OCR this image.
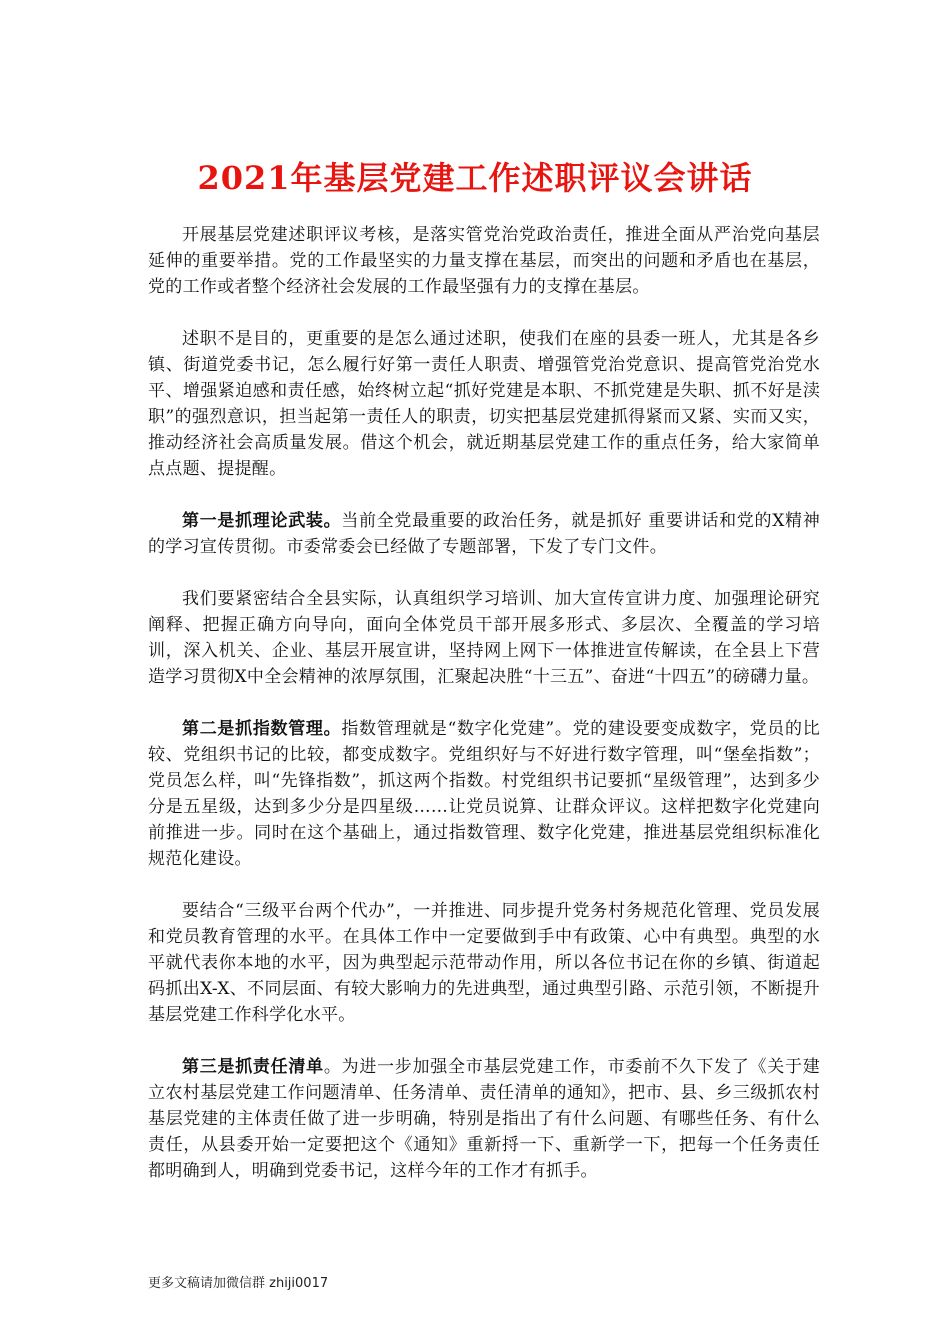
2021年基层党建工作述职评议会讲话

开展基层党建述职评议考核，是落实管党治党政治责任，推进全面从严治党向基层延伸的重要举措。党的工作最坚实的力量支撑在基层，而突出的问题和矛盾也在基层，党的工作或者整个经济社会发展的工作最坚强有力的支撑在基层。

述职不是目的，更重要的是怎么通过述职，使我们在座的县委一班人，尤其是各乡镇、街道党委书记，怎么履行好第一责任人职责、增强管党治党意识、提高管党治党水平、增强紧迫感和责任感，始终树立起“抓好党建是本职、不抓党建是失职、抓不好是渎职”的强烈意识，担当起第一责任人的职责，切实把基层党建抓得紧而又紧、实而又实，推动经济社会高质量发展。借这个机会，就近期基层党建工作的重点任务，给大家简单点点题、提提醒。

第一是抓理论武装。当前全党最重要的政治任务，就是抓好 重要讲话和党的X精神的学习宣传贯彻。市委常委会已经做了专题部署，下发了专门文件。

我们要紧密结合全县实际，认真组织学习培训、加大宣传宣讲力度、加强理论研究阐释、把握正确方向导向，面向全体党员干部开展多形式、多层次、全覆盖的学习培训，深入机关、企业、基层开展宣讲，坚持网上网下一体推进宣传解读，在全县上下营造学习贯彻X中全会精神的浓厚氛围，汇聚起决胜“十三五”、奋进“十四五”的磅礴力量。

第二是抓指数管理。指数管理就是“数字化党建”。党的建设要变成数字，党员的比较、党组织书记的比较，都变成数字。党组织好与不好进行数字管理，叫“堡垒指数”；党员怎么样，叫“先锋指数”，抓这两个指数。村党组织书记要抓“星级管理”，达到多少分是五星级，达到多少分是四星级……让党员说算、让群众评议。这样把数字化党建向前推进一步。同时在这个基础上，通过指数管理、数字化党建，推进基层党组织标准化规范化建设。

要结合“三级平台两个代办”，一并推进、同步提升党务村务规范化管理、党员发展和党员教育管理的水平。在具体工作中一定要做到手中有政策、心中有典型。典型的水平就代表你本地的水平，因为典型起示范带动作用，所以各位书记在你的乡镇、街道起码抓出X-X、不同层面、有较大影响力的先进典型，通过典型引路、示范引领，不断提升基层党建工作科学化水平。

第三是抓责任清单。为进一步加强全市基层党建工作，市委前不久下发了《关于建立农村基层党建工作问题清单、任务清单、责任清单的通知》，把市、县、乡三级抓农村基层党建的主体责任做了进一步明确，特别是指出了有什么问题、有哪些任务、有什么责任，从县委开始一定要把这个《通知》重新捋一下、重新学一下，把每一个任务责任都明确到人，明确到党委书记，这样今年的工作才有抓手。

更多文稿请加微信群 zhiji0017
